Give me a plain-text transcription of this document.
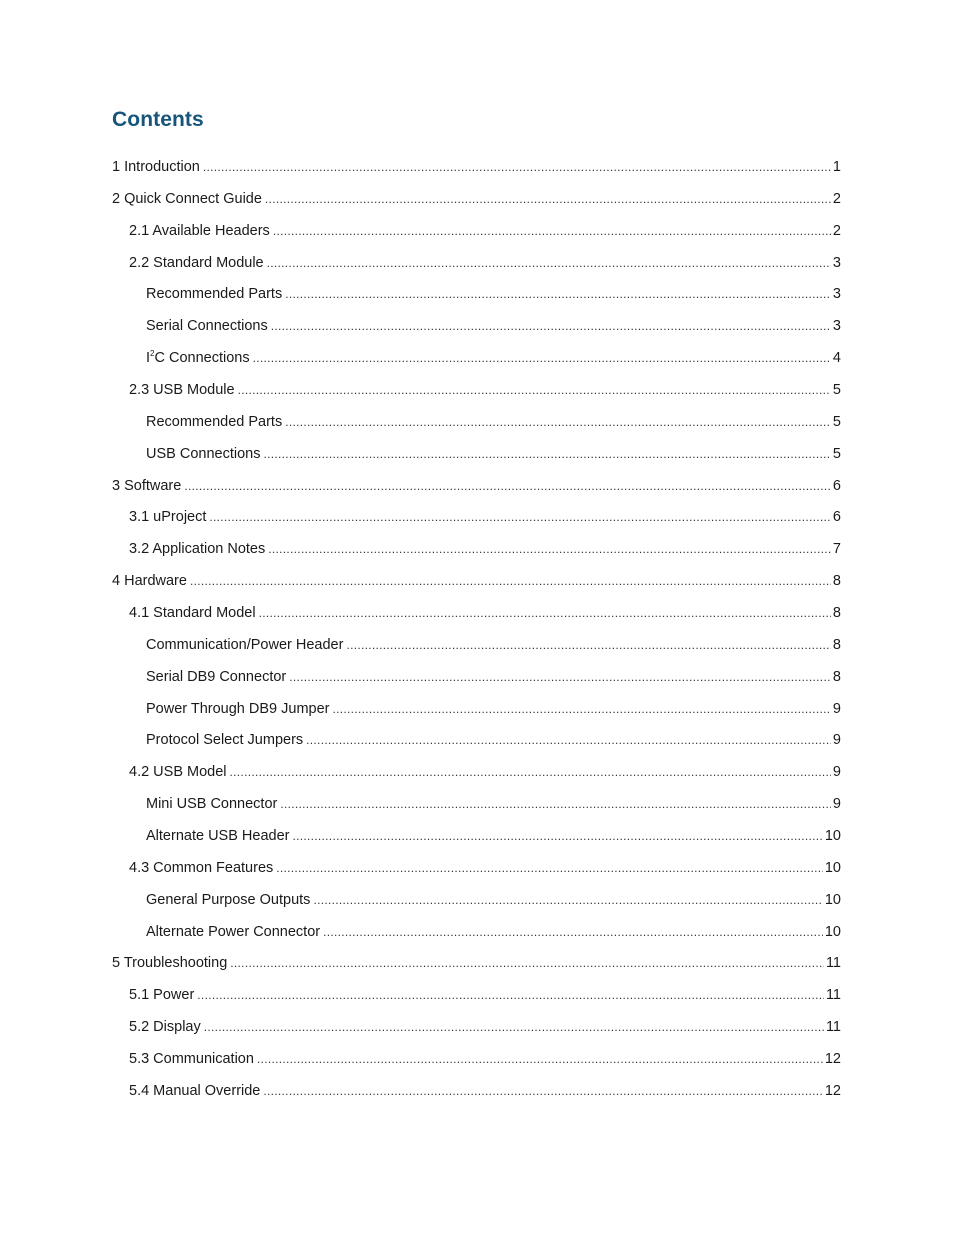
Contents
1 Introduction .....	1
2 Quick Connect Guide .....	2
2.1 Available Headers .....	2
2.2 Standard Module .....	3
Recommended Parts .....	3
Serial Connections .....	3
$I^2C$ Connections .....	4
2.3 USB Module .....	5
Recommended Parts .....	5
USB Connections .....	5
3 Software .....	6
3.1 uProject .....	6
3.2 Application Notes .....	7
4 Hardware .....	8
4.1 Standard Model .....	8
Communication/Power Header .....	8
Serial DB9 Connector .....	8
Power Through DB9 Jumper .....	9
Protocol Select Jumpers .....	9
4.2 USB Model .....	9
Mini USB Connector .....	9
Alternate USB Header .....	10
4.3 Common Features .....	10
General Purpose Outputs .....	10
Alternate Power Connector .....	10
5 Troubleshooting .....	11
5.1 Power .....	11
5.2 Display .....	11
5.3 Communication .....	12
5.4 Manual Override .....	12
